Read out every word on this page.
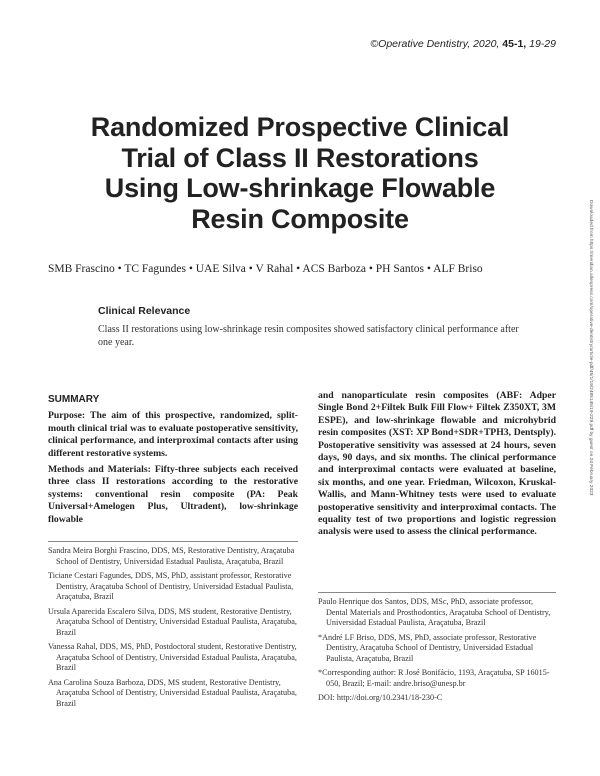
©Operative Dentistry, 2020, 45-1, 19-29
Randomized Prospective Clinical
Trial of Class II Restorations
Using Low-shrinkage Flowable
Resin Composite
SMB Frascino • TC Fagundes • UAE Silva • V Rahal • ACS Barboza • PH Santos • ALF Briso	Downloaded from https://meridian.allenpress.com/operative-dentistry/article-pdf/45/1/19/2485145/19-229.pdf by guest on 24 February 2023

Clinical Relevance

Class II restorations using low-shrinkage resin composites showed satisfactory clinical performance after one year.

SUMMARY

Purpose: The aim of this prospective, randomized, split-mouth clinical trial was to evaluate postoperative sensitivity, clinical performance, and interproximal contacts after using different restorative systems.

Methods and Materials: Fifty-three subjects each received three class II restorations according to the restorative systems: conventional resin composite (PA: Peak Universal+Amelogen Plus, Ultradent), low-shrinkage flowable

and nanoparticulate resin composites (ABF: Adper Single Bond 2+Filtek Bulk Fill Flow+ Filtek Z350XT, 3M ESPE), and low-shrinkage flowable and microhybrid resin composites (XST: XP Bond+SDR+TPH3, Dentsply). Postoperative sensitivity was assessed at 24 hours, seven days, 90 days, and six months. The clinical performance and interproximal contacts were evaluated at baseline, six months, and one year. Friedman, Wilcoxon, Kruskal-Wallis, and Mann-Whitney tests were used to evaluate postoperative sensitivity and interproximal contacts. The equality test of two proportions and logistic regression analysis were used to assess the clinical performance.

Sandra Meira Borghi Frascino, DDS, MS, Restorative Dentistry, Araçatuba School of Dentistry, Universidad Estadual Paulista, Araçatuba, Brazil

Ticiane Cestari Fagundes, DDS, MS, PhD, assistant professor, Restorative Dentistry, Araçatuba School of Dentistry, Universidad Estadual Paulista, Araçatuba, Brazil

Ursula Aparecida Escalero Silva, DDS, MS student, Restorative Dentistry, Araçatuba School of Dentistry, Universidad Estadual Paulista, Araçatuba, Brazil

Vanessa Rahal, DDS, MS, PhD, Postdoctoral student, Restorative Dentistry, Araçatuba School of Dentistry, Universidad Estadual Paulista, Araçatuba, Brazil

Ana Carolina Souza Barboza, DDS, MS student, Restorative Dentistry, Araçatuba School of Dentistry, Universidad Estadual Paulista, Araçatuba, Brazil

Paulo Henrique dos Santos, DDS, MSc, PhD, associate professor, Dental Materials and Prosthodontics, Araçatuba School of Dentistry, Universidad Estadual Paulista, Araçatuba, Brazil

*André LF Briso, DDS, MS, PhD, associate professor, Restorative Dentistry, Araçatuba School of Dentistry, Universidad Estadual Paulista, Araçatuba, Brazil

*Corresponding author: R José Bonifácio, 1193, Araçatuba, SP 16015-050, Brazil; E-mail: andre.briso@unesp.br

DOI: http://doi.org/10.2341/18-230-C
